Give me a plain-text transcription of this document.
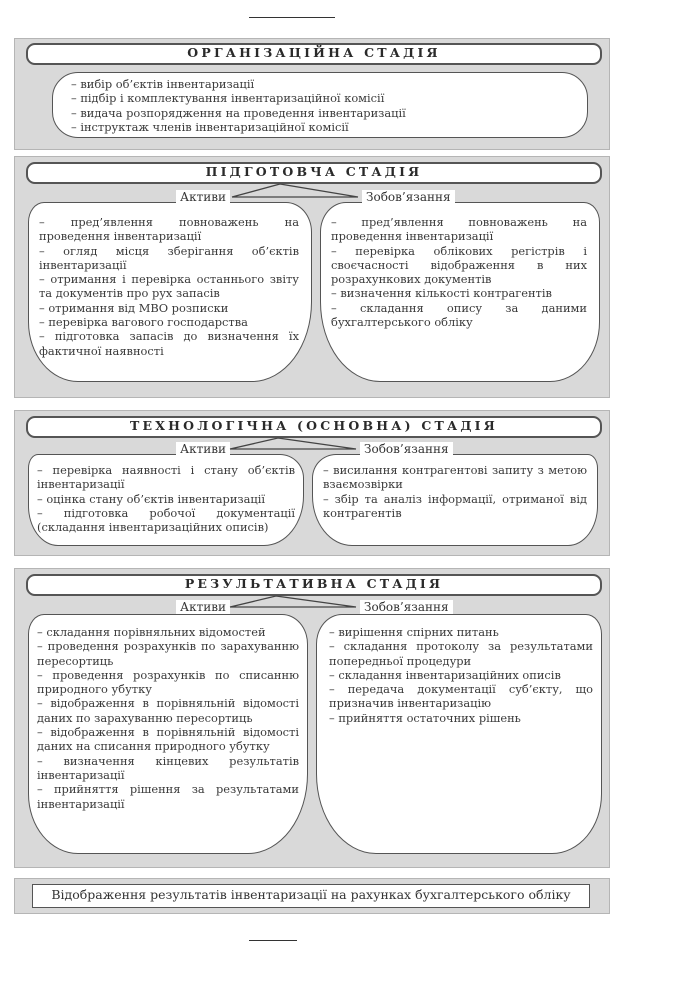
ОРГАНІЗАЦІЙНА СТАДІЯ
– вибір об’єктів інвентаризації
– підбір і комплектування інвентаризаційної комісії
– видача розпорядження на проведення інвентаризації
– інструктаж членів інвентаризаційної комісії
ПІДГОТОВЧА СТАДІЯ

– пред’явлення повноважень на проведення інвентаризації

– огляд місця зберігання об’єктів інвентаризації

– отримання і перевірка останнього звіту та документів про рух запасів

– отримання від МВО розписки

– перевірка вагового господарства

– підготовка запасів до визначення їх фактичної наявності

– пред’явлення повноважень на проведення інвентаризації

– перевірка облікових регістрів і своєчасності відображення в них розрахункових документів

– визначення кількості контрагентів

– складання опису за даними бухгалтерського обліку

Активи	Зобов’язання
ТЕХНОЛОГІЧНА (ОСНОВНА) СТАДІЯ

– перевірка наявності і стану об’єктів інвентаризації

– оцінка стану об’єктів інвентаризації

– підготовка робочої документації (складання інвентаризаційних описів)

– висилання контрагентові запиту з метою взаємозвірки

– збір та аналіз інформації, отриманої від контрагентів

Активи	Зобов’язання
РЕЗУЛЬТАТИВНА СТАДІЯ

– складання порівняльних відомостей

– проведення розрахунків по зарахуванню пересортиць

– проведення розрахунків по списанню природного убутку

– відображення в порівняльній відомості даних по зарахуванню пересортиць

– відображення в порівняльній відомості даних на списання природного убутку

– визначення кінцевих результатів інвентаризації

– прийняття рішення за результатами інвентаризації

– вирішення спірних питань

– складання протоколу за результатами попередньої процедури

– складання інвентаризаційних описів

– передача документації суб’єкту, що призначив інвентаризацію

– прийняття остаточних рішень

Активи	Зобов’язання
Відображення результатів інвентаризації на рахунках бухгалтерського обліку
